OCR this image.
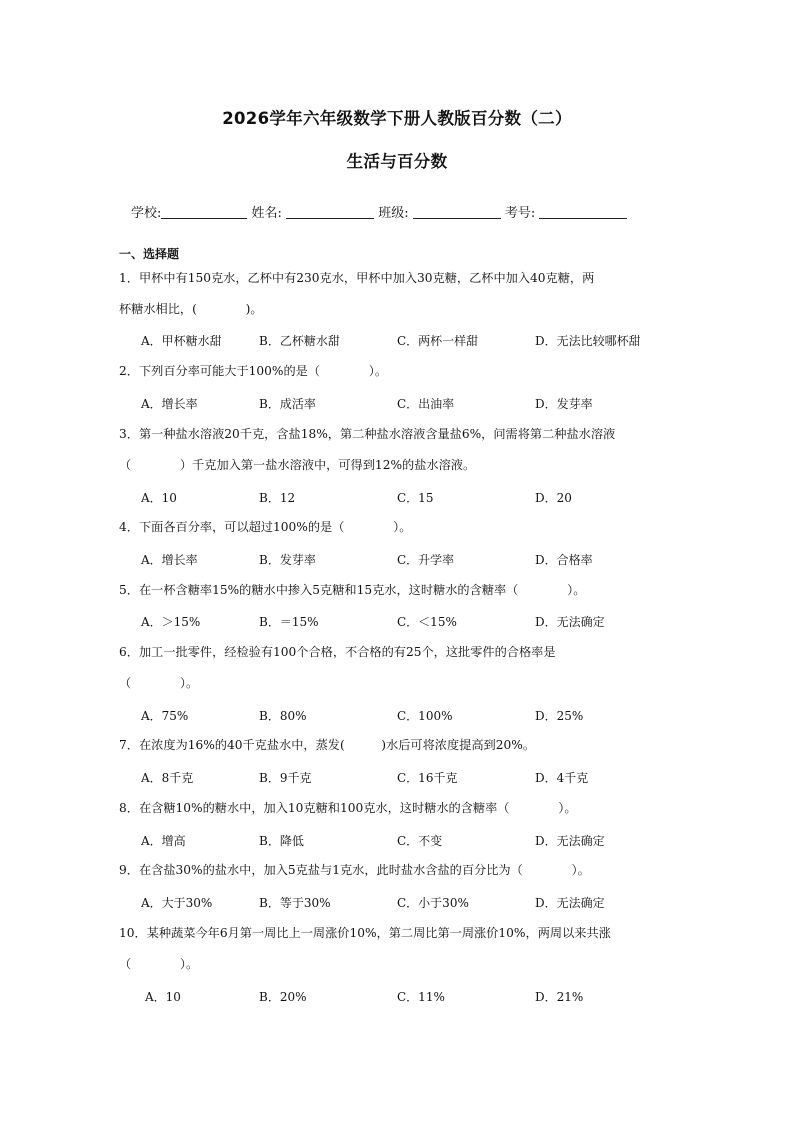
2026学年六年级数学下册人教版百分数（二）
生活与百分数
学校:	姓名:	班级:	考号:
一、选择题
1．甲杯中有150克水，乙杯中有230克水，甲杯中加入30克糖，乙杯中加入40克糖，两
杯糖水相比，(　　　　)。
A．甲杯糖水甜	B．乙杯糖水甜	C．两杯一样甜	D．无法比较哪杯甜
2．下列百分率可能大于100%的是（　　　　）。
A．增长率	B．成活率	C．出油率	D．发芽率
3．第一种盐水溶液20千克，含盐18%，第二种盐水溶液含量盐6%，问需将第二种盐水溶液
（　　　　）千克加入第一盐水溶液中，可得到12%的盐水溶液。
A．10	B．12	C．15	D．20
4．下面各百分率，可以超过100%的是（　　　　）。
A．增长率	B．发芽率	C．升学率	D．合格率
5．在一杯含糖率15%的糖水中掺入5克糖和15克水，这时糖水的含糖率（　　　　）。
A．＞15%	B．＝15%	C．＜15%	D．无法确定
6．加工一批零件，经检验有100个合格，不合格的有25个，这批零件的合格率是
（　　　　）。
A．75%	B．80%	C．100%	D．25%
7．在浓度为16%的40千克盐水中，蒸发(　　　)水后可将浓度提高到20%。
A．8千克	B．9千克	C．16千克	D．4千克
8．在含糖10%的糖水中，加入10克糖和100克水，这时糖水的含糖率（　　　　）。
A．增高	B．降低	C．不变	D．无法确定
9．在含盐30%的盐水中，加入5克盐与1克水，此时盐水含盐的百分比为（　　　　）。
A．大于30%	B．等于30%	C．小于30%	D．无法确定
10．某种蔬菜今年6月第一周比上一周涨价10%，第二周比第一周涨价10%，两周以来共涨
（　　　　）。
A．10	B．20%	C．11%	D．21%
